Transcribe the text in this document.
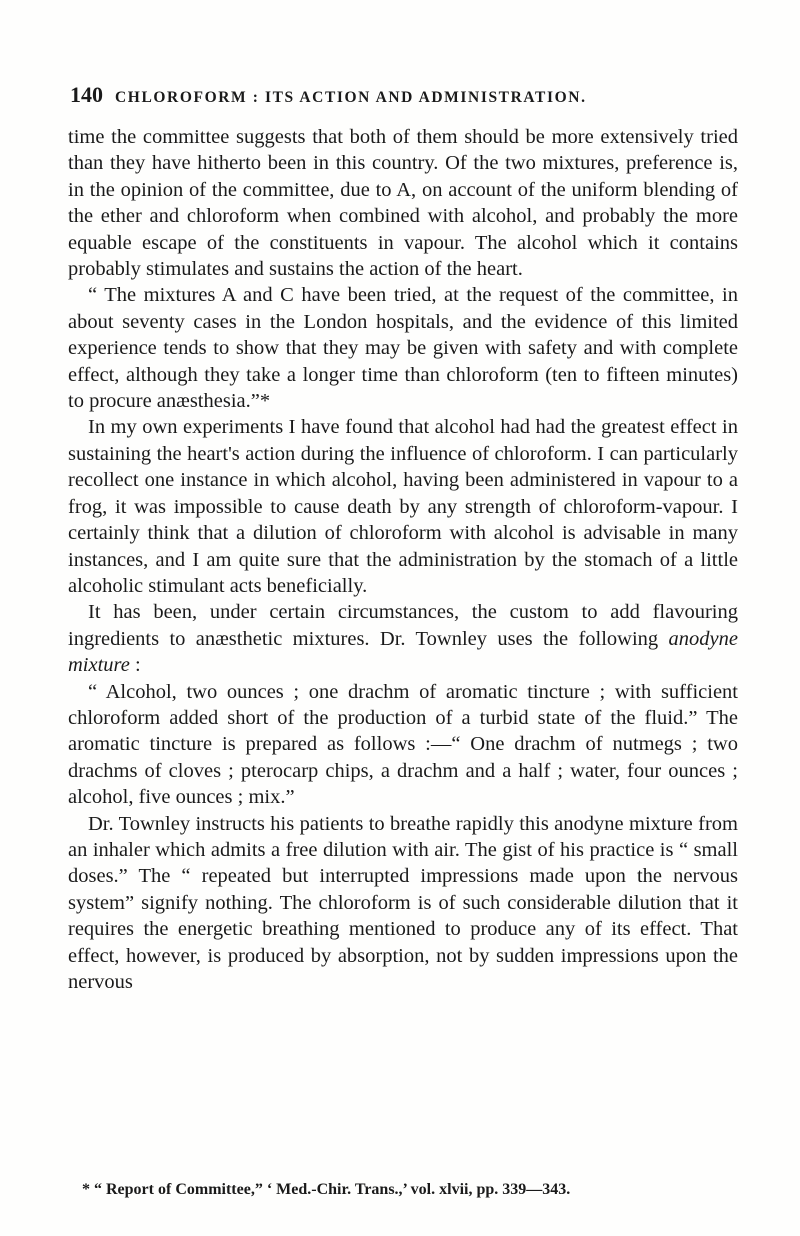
140 CHLOROFORM : ITS ACTION AND ADMINISTRATION.

time the committee suggests that both of them should be more extensively tried than they have hitherto been in this country. Of the two mixtures, preference is, in the opinion of the committee, due to A, on account of the uniform blending of the ether and chloroform when combined with alcohol, and probably the more equable escape of the constituents in vapour. The alcohol which it contains probably stimulates and sustains the action of the heart.

“ The mixtures A and C have been tried, at the request of the committee, in about seventy cases in the London hospitals, and the evidence of this limited experience tends to show that they may be given with safety and with complete effect, although they take a longer time than chloroform (ten to fifteen minutes) to procure anæsthesia.”*

In my own experiments I have found that alcohol had had the greatest effect in sustaining the heart's action during the influence of chloroform. I can particularly recollect one instance in which alcohol, having been administered in vapour to a frog, it was impossible to cause death by any strength of chloroform-vapour. I certainly think that a dilution of chloroform with alcohol is advisable in many instances, and I am quite sure that the administration by the stomach of a little alcoholic stimulant acts beneficially.

It has been, under certain circumstances, the custom to add flavouring ingredients to anæsthetic mixtures. Dr. Townley uses the following anodyne mixture :

“ Alcohol, two ounces ; one drachm of aromatic tincture ; with sufficient chloroform added short of the production of a turbid state of the fluid.” The aromatic tincture is prepared as follows :—“ One drachm of nutmegs ; two drachms of cloves ; pterocarp chips, a drachm and a half ; water, four ounces ; alcohol, five ounces ; mix.”

Dr. Townley instructs his patients to breathe rapidly this anodyne mixture from an inhaler which admits a free dilution with air. The gist of his practice is “ small doses.” The “ repeated but interrupted impressions made upon the nervous system” signify nothing. The chloroform is of such considerable dilution that it requires the energetic breathing mentioned to produce any of its effect. That effect, however, is produced by absorption, not by sudden impressions upon the nervous

* “ Report of Committee,” ‘ Med.-Chir. Trans.,’ vol. xlvii, pp. 339—343.
